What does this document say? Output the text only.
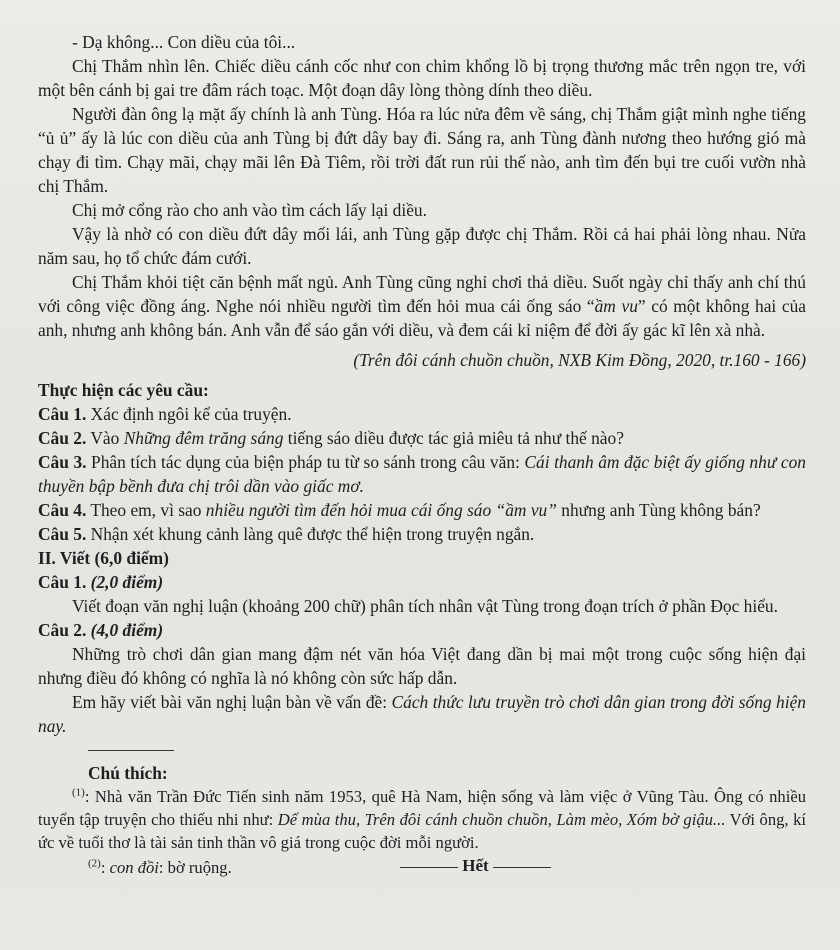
- Dạ không... Con diều của tôi...

Chị Thắm nhìn lên. Chiếc diều cánh cốc như con chim khổng lồ bị trọng thương mắc trên ngọn tre, với một bên cánh bị gai tre đâm rách toạc. Một đoạn dây lòng thòng dính theo diều.

Người đàn ông lạ mặt ấy chính là anh Tùng. Hóa ra lúc nửa đêm về sáng, chị Thắm giật mình nghe tiếng “ủ ủ” ấy là lúc con diều của anh Tùng bị đứt dây bay đi. Sáng ra, anh Tùng đành nương theo hướng gió mà chạy đi tìm. Chạy mãi, chạy mãi lên Đà Tiêm, rồi trời đất run rủi thế nào, anh tìm đến bụi tre cuối vườn nhà chị Thắm.

Chị mở cổng rào cho anh vào tìm cách lấy lại diều.

Vậy là nhờ có con diều đứt dây mối lái, anh Tùng gặp được chị Thắm. Rồi cả hai phải lòng nhau. Nửa năm sau, họ tổ chức đám cưới.

Chị Thắm khỏi tiệt căn bệnh mất ngủ. Anh Tùng cũng nghỉ chơi thả diều. Suốt ngày chỉ thấy anh chí thú với công việc đồng áng. Nghe nói nhiều người tìm đến hỏi mua cái ống sáo “ầm vu” có một không hai của anh, nhưng anh không bán. Anh vẫn để sáo gắn với diều, và đem cái kỉ niệm để đời ấy gác kĩ lên xà nhà.

(Trên đôi cánh chuồn chuồn, NXB Kim Đồng, 2020, tr.160 - 166)

Thực hiện các yêu cầu:

Câu 1. Xác định ngôi kể của truyện.

Câu 2. Vào Những đêm trăng sáng tiếng sáo diều được tác giả miêu tả như thế nào?

Câu 3. Phân tích tác dụng của biện pháp tu từ so sánh trong câu văn: Cái thanh âm đặc biệt ấy giống như con thuyền bập bềnh đưa chị trôi dần vào giấc mơ.

Câu 4. Theo em, vì sao nhiều người tìm đến hỏi mua cái ống sáo “ầm vu” nhưng anh Tùng không bán?

Câu 5. Nhận xét khung cảnh làng quê được thể hiện trong truyện ngắn.

II. Viết (6,0 điểm)

Câu 1. (2,0 điểm)

Viết đoạn văn nghị luận (khoảng 200 chữ) phân tích nhân vật Tùng trong đoạn trích ở phần Đọc hiểu.

Câu 2. (4,0 điểm)

Những trò chơi dân gian mang đậm nét văn hóa Việt đang dần bị mai một trong cuộc sống hiện đại nhưng điều đó không có nghĩa là nó không còn sức hấp dẫn.

Em hãy viết bài văn nghị luận bàn về vấn đề: Cách thức lưu truyền trò chơi dân gian trong đời sống hiện nay.

Chú thích:

$^{(1)}$: Nhà văn Trần Đức Tiến sinh năm 1953, quê Hà Nam, hiện sống và làm việc ở Vũng Tàu. Ông có nhiều tuyển tập truyện cho thiếu nhi như: Dế mùa thu, Trên đôi cánh chuồn chuồn, Làm mèo, Xóm bờ giậu... Với ông, kí ức về tuổi thơ là tài sản tinh thần vô giá trong cuộc đời mỗi người.

$^{(2)}$: con đồi: bờ ruộng.	Hết
